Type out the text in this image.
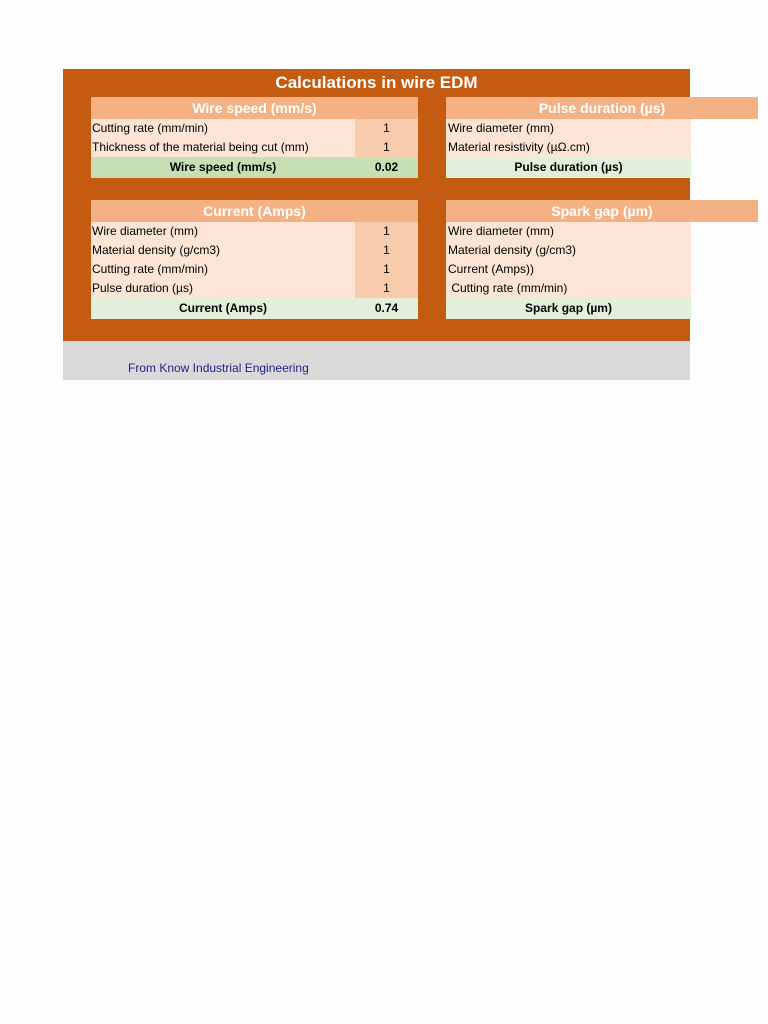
Calculations in wire EDM
Wire speed (mm/s)
Cutting rate (mm/min)	1
Thickness of the material being cut (mm)	1
Wire speed (mm/s)	0.02
Pulse duration (µs)
Wire diameter (mm)
Material resistivity (µΩ.cm)
Pulse duration (µs)
Current (Amps)
Wire diameter (mm)	1
Material density (g/cm3)	1
Cutting rate (mm/min)	1
Pulse duration (µs)	1
Current (Amps)	0.74
Spark gap (µm)
Wire diameter (mm)
Material density (g/cm3)
Current (Amps))
Cutting rate (mm/min)
Spark gap (µm)
From Know Industrial Engineering
